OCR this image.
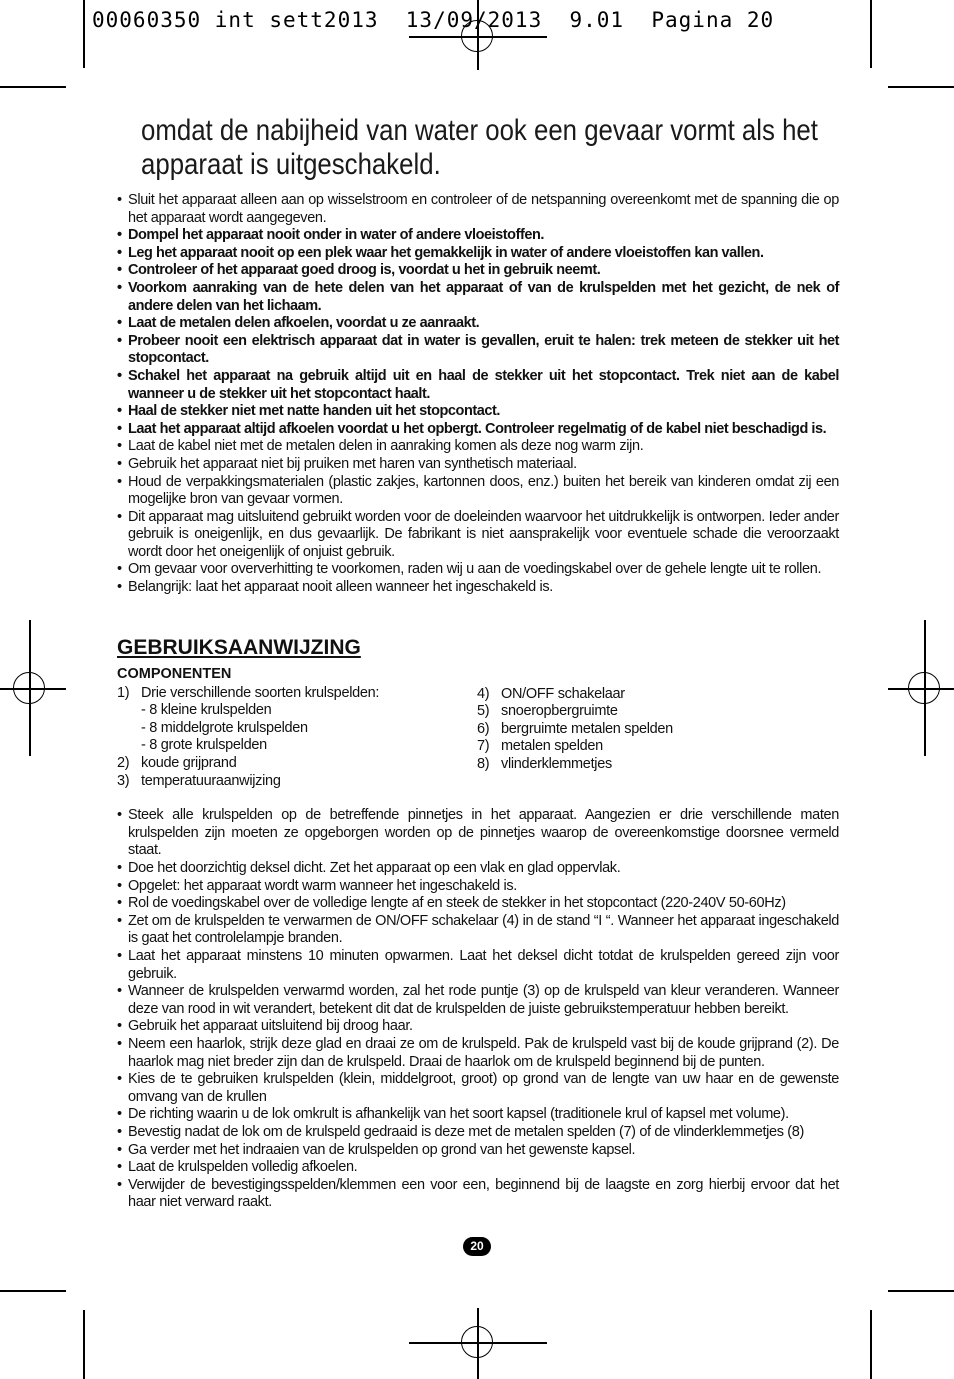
00060350 int sett2013  13/09/2013  9.01  Pagina 20
omdat de nabijheid van water ook een gevaar vormt als het apparaat is uitgeschakeld.
• Sluit het apparaat alleen aan op wisselstroom en controleer of de netspanning overeenkomt met de spanning die op het apparaat wordt aangegeven.
• Dompel het apparaat nooit onder in water of andere vloeistoffen.
• Leg het apparaat nooit op een plek waar het gemakkelijk in water of andere vloeistoffen kan vallen.
• Controleer of het apparaat goed droog is, voordat u het in gebruik neemt.
• Voorkom aanraking van de hete delen van het apparaat of van de krulspelden met het gezicht, de nek of andere delen van het lichaam.
• Laat de metalen delen afkoelen, voordat u ze aanraakt.
• Probeer nooit een elektrisch apparaat dat in water is gevallen, eruit te halen: trek meteen de stekker uit het stopcontact.
• Schakel het apparaat na gebruik altijd uit en haal de stekker uit het stopcontact. Trek niet aan de kabel wanneer u de stekker uit het stopcontact haalt.
• Haal de stekker niet met natte handen uit het stopcontact.
• Laat het apparaat altijd afkoelen voordat u het opbergt. Controleer regelmatig of de kabel niet beschadigd is.
• Laat de kabel niet met de metalen delen in aanraking komen als deze nog warm zijn.
• Gebruik het apparaat niet bij pruiken met haren van synthetisch materiaal.
• Houd de verpakkingsmaterialen (plastic zakjes, kartonnen doos, enz.) buiten het bereik van kinderen omdat zij een mogelijke bron van gevaar vormen.
• Dit apparaat mag uitsluitend gebruikt worden voor de doeleinden waarvoor het uitdrukkelijk is ontworpen. Ieder ander gebruik is oneigenlijk, en dus gevaarlijk. De fabrikant is niet aansprakelijk voor eventuele schade die veroorzaakt wordt door het oneigenlijk of onjuist gebruik.
• Om gevaar voor oververhitting te voorkomen, raden wij u aan de voedingskabel over de gehele lengte uit te rollen.
• Belangrijk: laat het apparaat nooit alleen wanneer het ingeschakeld is.
GEBRUIKSAANWIJZING
COMPONENTEN
1) Drie verschillende soorten krulspelden:
- 8 kleine krulspelden
- 8 middelgrote krulspelden
- 8 grote krulspelden
2) koude grijprand
3) temperatuuraanwijzing
4) ON/OFF schakelaar
5) snoeropbergruimte
6) bergruimte metalen spelden
7) metalen spelden
8) vlinderklemmetjes
• Steek alle krulspelden op de betreffende pinnetjes in het apparaat. Aangezien er drie verschillende maten krulspelden zijn moeten ze opgeborgen worden op de pinnetjes waarop de overeenkomstige doorsnee vermeld staat.
• Doe het doorzichtig deksel dicht. Zet het apparaat op een vlak en glad oppervlak.
• Opgelet: het apparaat wordt warm wanneer het ingeschakeld is.
• Rol de voedingskabel over de volledige lengte af en steek de stekker in het stopcontact (220-240V 50-60Hz)
• Zet om de krulspelden te verwarmen de ON/OFF schakelaar (4) in de stand “I “. Wanneer het apparaat ingeschakeld is gaat het controlelampje branden.
• Laat het apparaat minstens 10 minuten opwarmen. Laat het deksel dicht totdat de krulspelden gereed zijn voor gebruik.
• Wanneer de krulspelden verwarmd worden, zal het rode puntje (3) op de krulspeld van kleur veranderen. Wanneer deze van rood in wit verandert, betekent dit dat de krulspelden de juiste gebruikstemperatuur hebben bereikt.
• Gebruik het apparaat uitsluitend bij droog haar.
• Neem een haarlok, strijk deze glad en draai ze om de krulspeld. Pak de krulspeld vast bij de koude grijprand (2). De haarlok mag niet breder zijn dan de krulspeld. Draai de haarlok om de krulspeld beginnend bij de punten.
• Kies de te gebruiken krulspelden (klein, middelgroot, groot) op grond van de lengte van uw haar en de gewenste omvang van de krullen
• De richting waarin u de lok omkrult is afhankelijk van het soort kapsel (traditionele krul of kapsel met volume).
• Bevestig nadat de lok om de krulspeld gedraaid is deze met de metalen spelden (7) of de vlinderklemmetjes (8)
• Ga verder met het indraaien van de krulspelden op grond van het gewenste kapsel.
• Laat de krulspelden volledig afkoelen.
• Verwijder de bevestigingsspelden/klemmen een voor een, beginnend bij de laagste en zorg hierbij ervoor dat het haar niet verward raakt.
20
